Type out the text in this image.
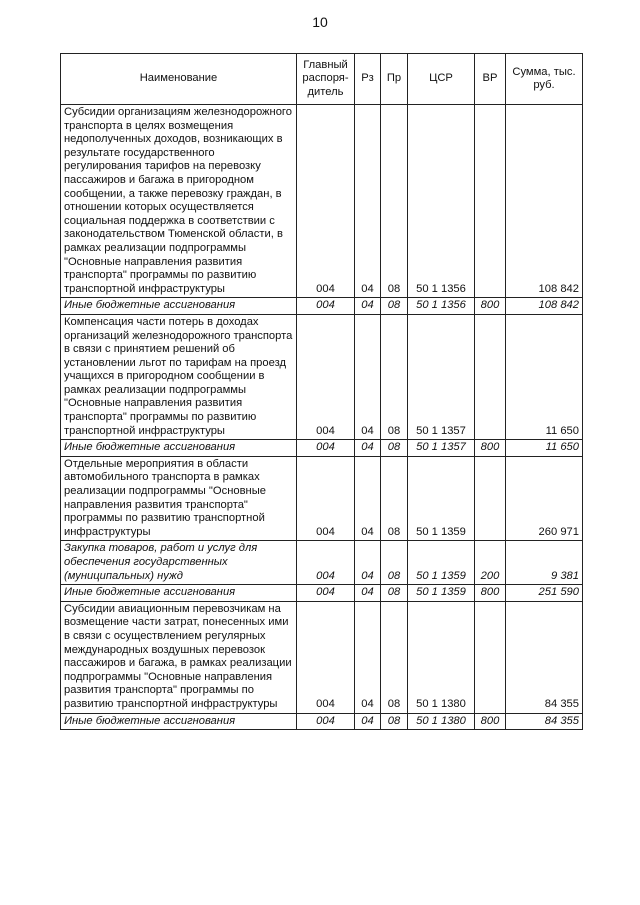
10
Наименование	Главный распоря-дитель	Рз	Пр	ЦСР	ВР	Сумма, тыс. руб.
Субсидии организациям железнодорожного транспорта в целях возмещения недополученных доходов, возникающих в результате государственного регулирования тарифов на перевозку пассажиров и багажа в пригородном сообщении, а также перевозку граждан, в отношении которых осуществляется социальная поддержка в соответствии с законодательством Тюменской области, в рамках реализации подпрограммы "Основные направления развития транспорта" программы по развитию транспортной инфраструктуры	004	04	08	50 1 1356		108 842
Иные бюджетные ассигнования	004	04	08	50 1 1356	800	108 842
Компенсация части потерь в доходах организаций железнодорожного транспорта в связи с принятием решений об установлении льгот по тарифам на проезд учащихся в пригородном сообщении в рамках реализации подпрограммы "Основные направления развития транспорта" программы по развитию транспортной инфраструктуры	004	04	08	50 1 1357		11 650
Иные бюджетные ассигнования	004	04	08	50 1 1357	800	11 650
Отдельные мероприятия в области автомобильного транспорта в рамках реализации подпрограммы "Основные направления развития транспорта" программы по развитию транспортной инфраструктуры	004	04	08	50 1 1359		260 971
Закупка товаров, работ и услуг для обеспечения государственных (муниципальных) нужд	004	04	08	50 1 1359	200	9 381
Иные бюджетные ассигнования	004	04	08	50 1 1359	800	251 590
Субсидии авиационным перевозчикам на возмещение части затрат, понесенных ими в связи с осуществлением регулярных международных воздушных перевозок пассажиров и багажа, в рамках реализации подпрограммы "Основные направления развития транспорта" программы по развитию транспортной инфраструктуры	004	04	08	50 1 1380		84 355
Иные бюджетные ассигнования	004	04	08	50 1 1380	800	84 355
